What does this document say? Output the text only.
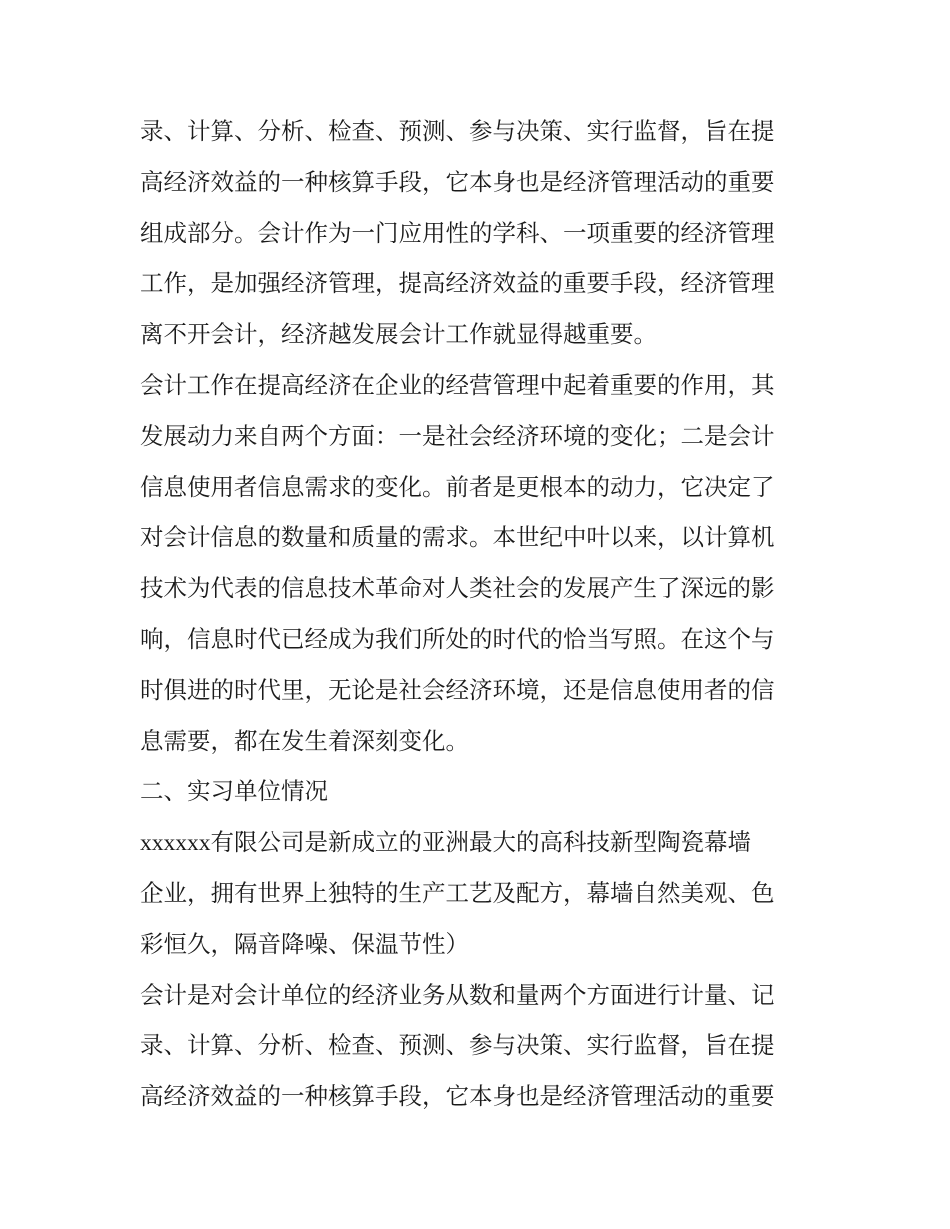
录、计算、分析、检查、预测、参与决策、实行监督，旨在提
高经济效益的一种核算手段，它本身也是经济管理活动的重要
组成部分。会计作为一门应用性的学科、一项重要的经济管理
工作，是加强经济管理，提高经济效益的重要手段，经济管理
离不开会计，经济越发展会计工作就显得越重要。
会计工作在提高经济在企业的经营管理中起着重要的作用，其
发展动力来自两个方面：一是社会经济环境的变化；二是会计
信息使用者信息需求的变化。前者是更根本的动力，它决定了
对会计信息的数量和质量的需求。本世纪中叶以来，以计算机
技术为代表的信息技术革命对人类社会的发展产生了深远的影
响，信息时代已经成为我们所处的时代的恰当写照。在这个与
时俱进的时代里，无论是社会经济环境，还是信息使用者的信
息需要，都在发生着深刻变化。
二、实习单位情况
xxxxxx有限公司是新成立的亚洲最大的高科技新型陶瓷幕墙
企业，拥有世界上独特的生产工艺及配方，幕墙自然美观、色
彩恒久，隔音降噪、保温节性）
会计是对会计单位的经济业务从数和量两个方面进行计量、记
录、计算、分析、检查、预测、参与决策、实行监督，旨在提
高经济效益的一种核算手段，它本身也是经济管理活动的重要
